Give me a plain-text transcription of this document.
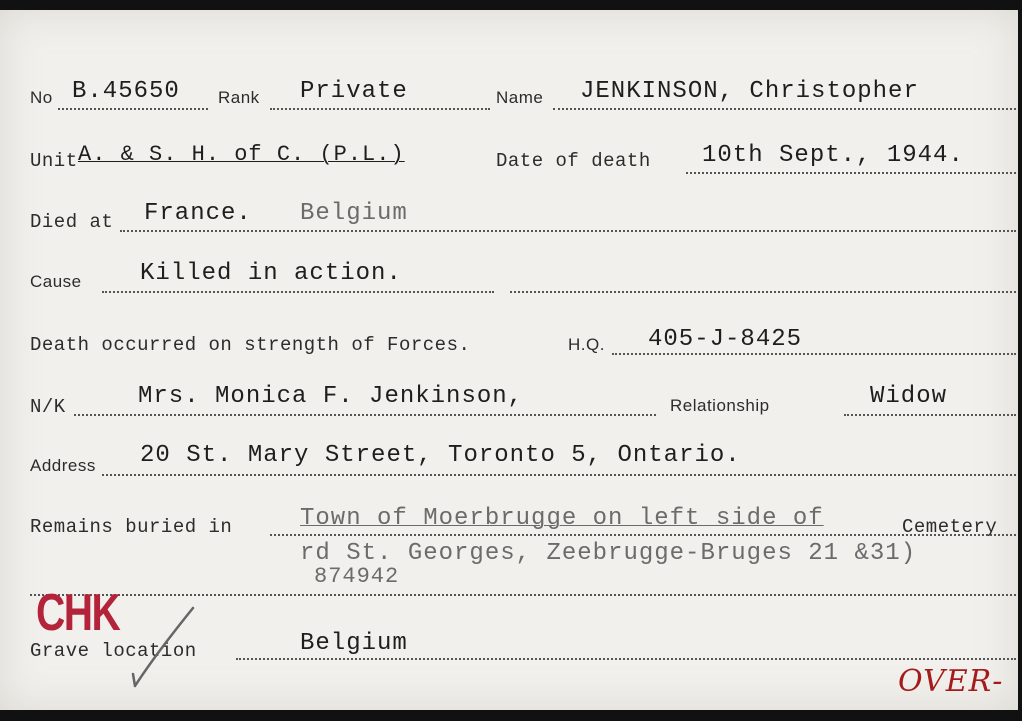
No B.45650 Rank Private	Name JENKINSON, Christopher
Unit A. & S. H. of C. (P.L.)	Date of death 10th Sept., 1944.
Died at France. Belgium
Cause Killed in action.
Death occurred on strength of Forces.	H.Q. 405-J-8425
N/K	Mrs. Monica F. Jenkinson,	Relationship	Widow
Address 20 St. Mary Street, Toronto 5, Ontario.
Remains buried in	Town of Moerbrugge on left side of	Cemetery
rd St. Georges, Zeebrugge-Bruges 21 &31)
874942
Grave location	Belgium
CHK
OVER-
